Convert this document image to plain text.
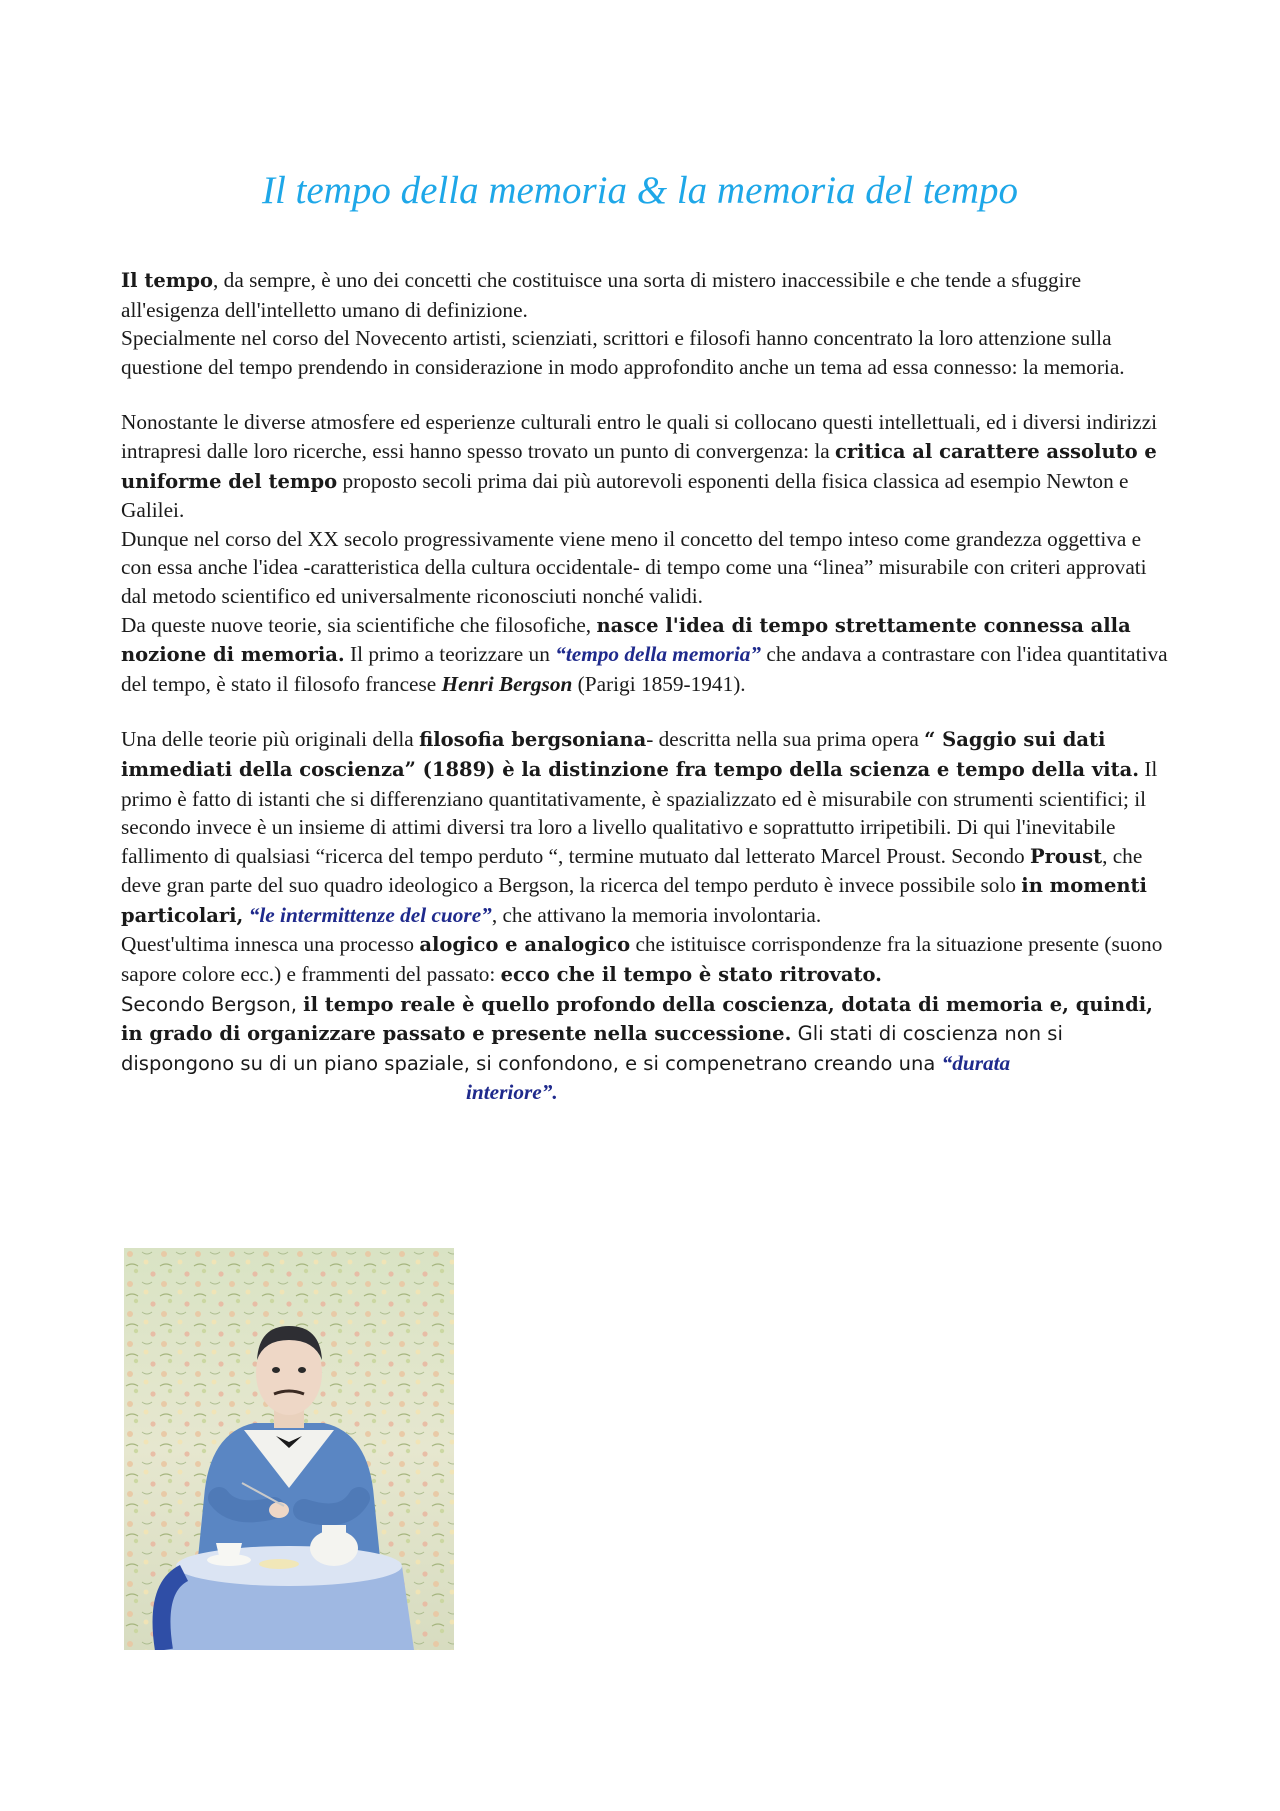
Il tempo della memoria & la memoria del tempo

Il tempo, da sempre, è uno dei concetti che costituisce una sorta di mistero inaccessibile e che tende a sfuggire all'esigenza dell'intelletto umano di definizione.

Specialmente nel corso del Novecento artisti, scienziati, scrittori e filosofi hanno concentrato la loro attenzione sulla questione del tempo prendendo in considerazione in modo approfondito anche un tema ad essa connesso: la memoria.

Nonostante le diverse atmosfere ed esperienze culturali entro le quali si collocano questi intellettuali, ed i diversi indirizzi intrapresi dalle loro ricerche, essi hanno spesso trovato un punto di convergenza: la critica al carattere assoluto e uniforme del tempo proposto secoli prima dai più autorevoli esponenti della fisica classica ad esempio Newton e Galilei.

Dunque nel corso del XX secolo progressivamente viene meno il concetto del tempo inteso come grandezza oggettiva e con essa anche l'idea -caratteristica della cultura occidentale- di tempo come una “linea” misurabile con criteri approvati dal metodo scientifico ed universalmente riconosciuti nonché validi.

Da queste nuove teorie, sia scientifiche che filosofiche, nasce l'idea di tempo strettamente connessa alla nozione di memoria. Il primo a teorizzare un “tempo della memoria” che andava a contrastare con l'idea quantitativa del tempo, è stato il filosofo francese Henri Bergson (Parigi 1859-1941).

Una delle teorie più originali della filosofia bergsoniana- descritta nella sua prima opera “ Saggio sui dati immediati della coscienza” (1889) è la distinzione fra tempo della scienza e tempo della vita. Il primo è fatto di istanti che si differenziano quantitativamente, è spazializzato ed è misurabile con strumenti scientifici; il secondo invece è un insieme di attimi diversi tra loro a livello qualitativo e soprattutto irripetibili. Di qui l'inevitabile fallimento di qualsiasi “ricerca del tempo perduto “, termine mutuato dal letterato Marcel Proust. Secondo Proust, che deve gran parte del suo quadro ideologico a Bergson, la ricerca del tempo perduto è invece possibile solo in momenti particolari, “le intermittenze del cuore”, che attivano la memoria involontaria.

Quest'ultima innesca una processo alogico e analogico che istituisce corrispondenze fra la situazione presente (suono sapore colore ecc.) e frammenti del passato: ecco che il tempo è stato ritrovato.

Secondo Bergson, il tempo reale è quello profondo della coscienza, dotata di memoria e, quindi, in grado di organizzare passato e presente nella successione. Gli stati di coscienza non si dispongono su di un piano spaziale, si confondono, e si compenetrano creando una “durata
interiore”.
